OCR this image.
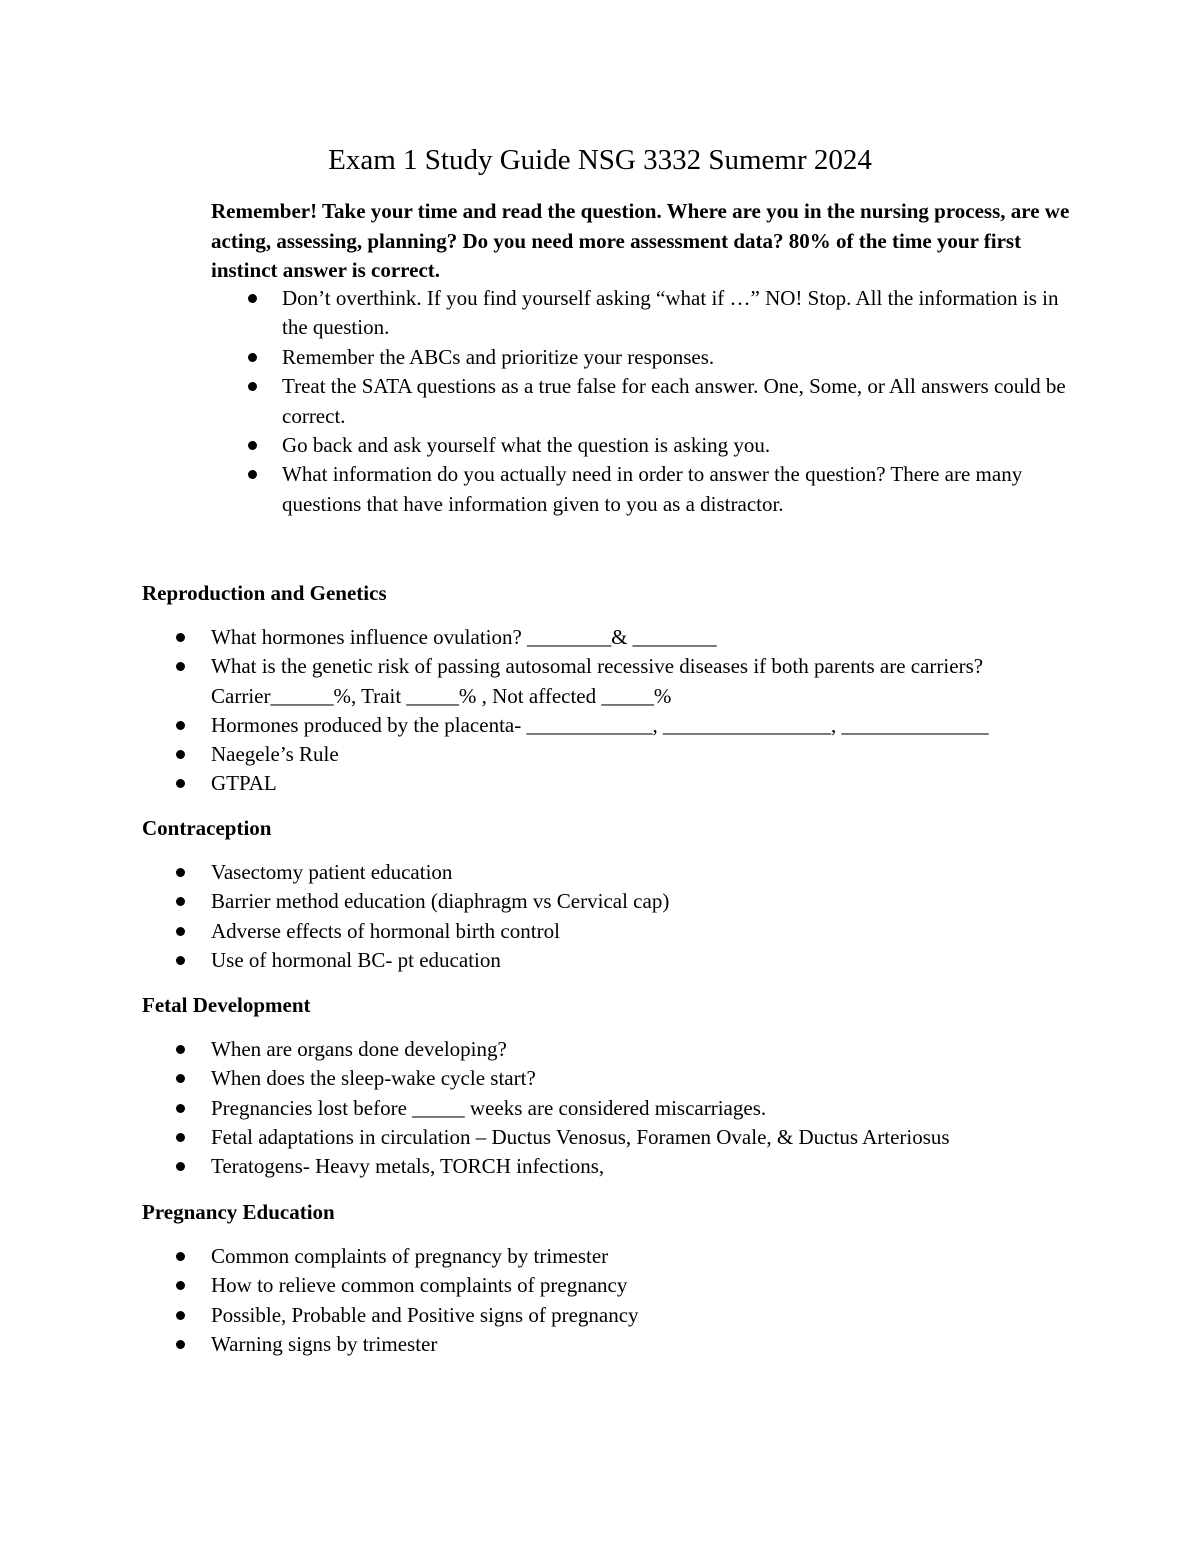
Exam 1 Study Guide NSG 3332 Sumemr 2024

Remember! Take your time and read the question. Where are you in the nursing process, are we acting, assessing, planning? Do you need more assessment data? 80% of the time your first instinct answer is correct.

Don’t overthink. If you find yourself asking “what if …” NO! Stop. All the information is in the question.
Remember the ABCs and prioritize your responses.
Treat the SATA questions as a true false for each answer. One, Some, or All answers could be correct.
Go back and ask yourself what the question is asking you.
What information do you actually need in order to answer the question? There are many questions that have information given to you as a distractor.
Reproduction and Genetics
What hormones influence ovulation? ________& ________
What is the genetic risk of passing autosomal recessive diseases if both parents are carriers? Carrier______%, Trait _____% , Not affected _____%
Hormones produced by the placenta- ____________, ________________, ______________
Naegele’s Rule
GTPAL
Contraception
Vasectomy patient education
Barrier method education (diaphragm vs Cervical cap)
Adverse effects of hormonal birth control
Use of hormonal BC- pt education
Fetal Development
When are organs done developing?
When does the sleep-wake cycle start?
Pregnancies lost before _____ weeks are considered miscarriages.
Fetal adaptations in circulation – Ductus Venosus, Foramen Ovale, & Ductus Arteriosus
Teratogens- Heavy metals, TORCH infections,
Pregnancy Education
Common complaints of pregnancy by trimester
How to relieve common complaints of pregnancy
Possible, Probable and Positive signs of pregnancy
Warning signs by trimester
